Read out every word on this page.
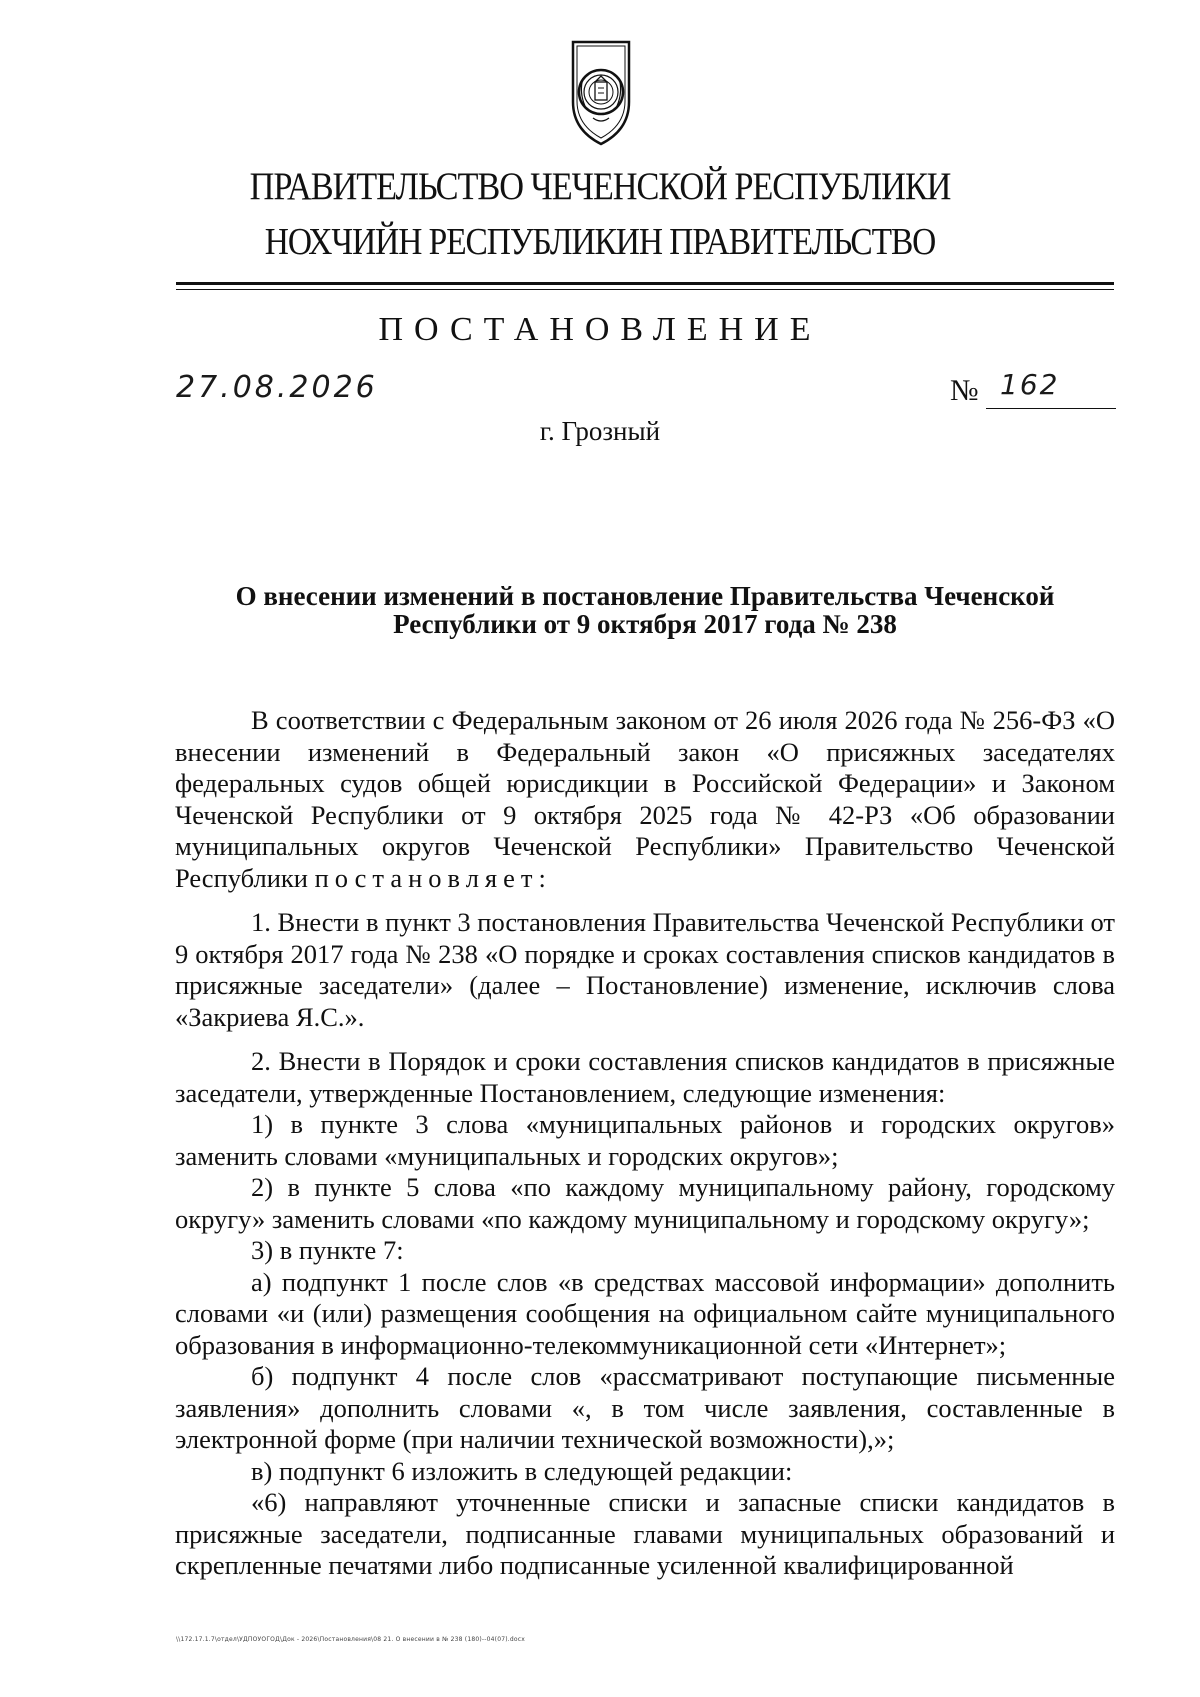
ПРАВИТЕЛЬСТВО ЧЕЧЕНСКОЙ РЕСПУБЛИКИ
НОХЧИЙН РЕСПУБЛИКИН ПРАВИТЕЛЬСТВО
ПОСТАНОВЛЕНИЕ
27.08.2026	№ 162
г. Грозный
О внесении изменений в постановление Правительства Чеченской
Республики от 9 октября 2017 года № 238

В соответствии с Федеральным законом от 26 июля 2026 года № 256-ФЗ «О внесении изменений в Федеральный закон «О присяжных заседателях федеральных судов общей юрисдикции в Российской Федерации» и Законом Чеченской Республики от 9 октября 2025 года № 42-РЗ «Об образовании муниципальных округов Чеченской Республики» Правительство Чеченской Республики постановляет:

1. Внести в пункт 3 постановления Правительства Чеченской Республики от 9 октября 2017 года № 238 «О порядке и сроках составления списков кандидатов в присяжные заседатели» (далее – Постановление) изменение, исключив слова «Закриева Я.С.».

2. Внести в Порядок и сроки составления списков кандидатов в присяжные заседатели, утвержденные Постановлением, следующие изменения:

1) в пункте 3 слова «муниципальных районов и городских округов» заменить словами «муниципальных и городских округов»;

2) в пункте 5 слова «по каждому муниципальному району, городскому округу» заменить словами «по каждому муниципальному и городскому округу»;

3) в пункте 7:

а) подпункт 1 после слов «в средствах массовой информации» дополнить словами «и (или) размещения сообщения на официальном сайте муниципального образования в информационно-телекоммуникационной сети «Интернет»;

б) подпункт 4 после слов «рассматривают поступающие письменные заявления» дополнить словами «, в том числе заявления, составленные в электронной форме (при наличии технической возможности),»;

в) подпункт 6 изложить в следующей редакции:

«6) направляют уточненные списки и запасные списки кандидатов в присяжные заседатели, подписанные главами муниципальных образований и скрепленные печатями либо подписанные усиленной квалифицированной

\\172.17.1.7\отдел\УДПОУОГОД\Док - 2026\Постановления\08 21. О внесении в № 238 (180)--04(07).docx
